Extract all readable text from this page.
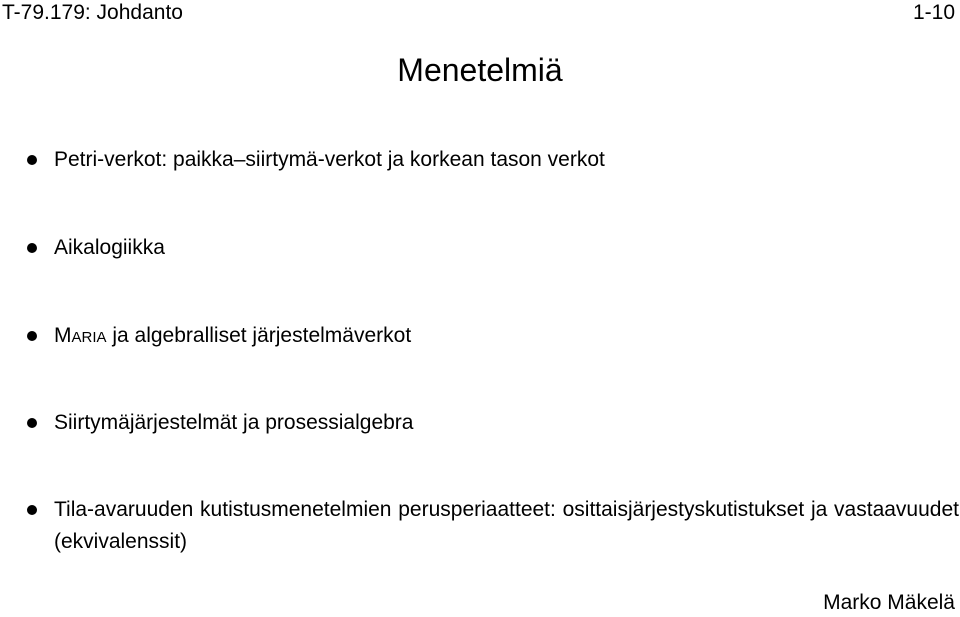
T-79.179: Johdanto	1-10
Menetelmiä
Petri-verkot: paikka–siirtymä-verkot ja korkean tason verkot
Aikalogiikka
Maria ja algebralliset järjestelmäverkot
Siirtymäjärjestelmät ja prosessialgebra
Tila-avaruuden kutistusmenetelmien perusperiaatteet: osittaisjärjestyskutistukset ja vastaavuudet (ekvivalenssit)
Marko Mäkelä
